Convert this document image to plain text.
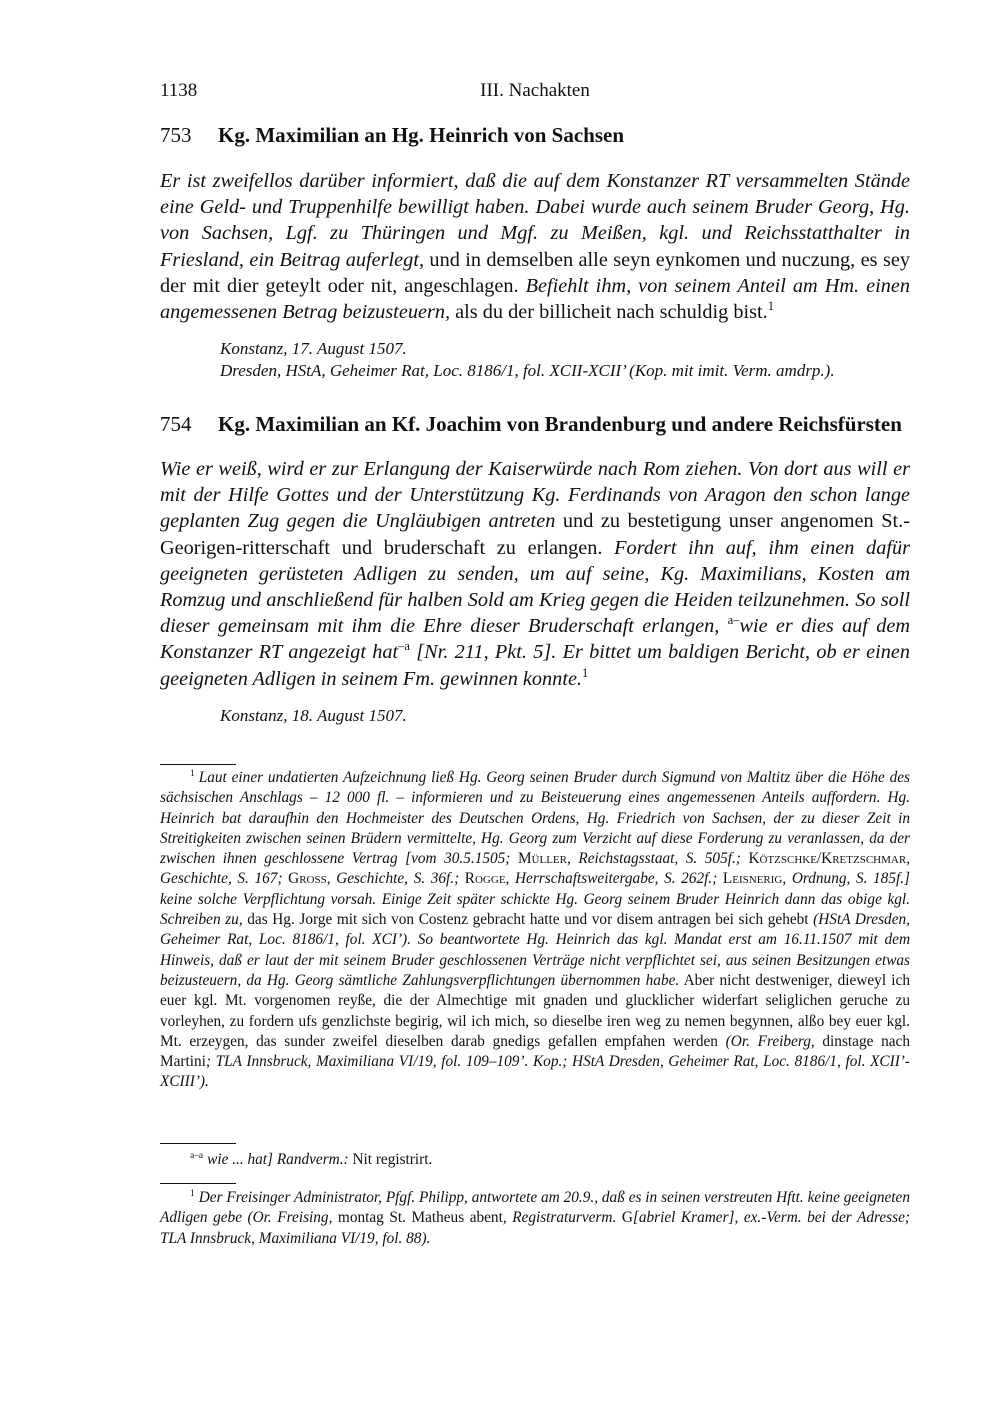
1138	III. Nachakten
753 Kg. Maximilian an Hg. Heinrich von Sachsen

Er ist zweifellos darüber informiert, daß die auf dem Konstanzer RT versammelten Stände eine Geld- und Truppenhilfe bewilligt haben. Dabei wurde auch seinem Bruder Georg, Hg. von Sachsen, Lgf. zu Thüringen und Mgf. zu Meißen, kgl. und Reichsstatthalter in Friesland, ein Beitrag auferlegt, und in demselben alle seyn eynkomen und nuczung, es sey der mit dier geteylt oder nit, angeschlagen. Befiehlt ihm, von seinem Anteil am Hm. einen angemessenen Betrag beizusteuern, als du der billicheit nach schuldig bist.$^1$

Konstanz, 17. August 1507.

Dresden, HStA, Geheimer Rat, Loc. 8186/1, fol. XCII-XCII’ (Kop. mit imit. Verm. amdrp.).

754 Kg. Maximilian an Kf. Joachim von Brandenburg und andere Reichsfürsten

Wie er weiß, wird er zur Erlangung der Kaiserwürde nach Rom ziehen. Von dort aus will er mit der Hilfe Gottes und der Unterstützung Kg. Ferdinands von Aragon den schon lange geplanten Zug gegen die Ungläubigen antreten und zu bestetigung unser angenomen St.-Georigen-ritterschaft und bruderschaft zu erlangen. Fordert ihn auf, ihm einen dafür geeigneten gerüsteten Adligen zu senden, um auf seine, Kg. Maximilians, Kosten am Romzug und anschließend für halben Sold am Krieg gegen die Heiden teilzunehmen. So soll dieser gemeinsam mit ihm die Ehre dieser Bruderschaft erlangen, $^{a-}$wie er dies auf dem Konstanzer RT angezeigt hat$^{-a}$ [Nr. 211, Pkt. 5]. Er bittet um baldigen Bericht, ob er einen geeigneten Adligen in seinem Fm. gewinnen konnte.$^1$

Konstanz, 18. August 1507.

$^1$ Laut einer undatierten Aufzeichnung ließ Hg. Georg seinen Bruder durch Sigmund von Maltitz über die Höhe des sächsischen Anschlags – 12 000 fl. – informieren und zu Beisteuerung eines angemessenen Anteils auffordern. Hg. Heinrich bat daraufhin den Hochmeister des Deutschen Ordens, Hg. Friedrich von Sachsen, der zu dieser Zeit in Streitigkeiten zwischen seinen Brüdern vermittelte, Hg. Georg zum Verzicht auf diese Forderung zu veranlassen, da der zwischen ihnen geschlossene Vertrag [vom 30.5.1505; Müller, Reichstagsstaat, S. 505f.; Kötzschke/Kretzschmar, Geschichte, S. 167; Gross, Geschichte, S. 36f.; Rogge, Herrschaftsweitergabe, S. 262f.; Leisnerig, Ordnung, S. 185f.] keine solche Verpflichtung vorsah. Einige Zeit später schickte Hg. Georg seinem Bruder Heinrich dann das obige kgl. Schreiben zu, das Hg. Jorge mit sich von Costenz gebracht hatte und vor disem antragen bei sich gehebt (HStA Dresden, Geheimer Rat, Loc. 8186/1, fol. XCI’). So beantwortete Hg. Heinrich das kgl. Mandat erst am 16.11.1507 mit dem Hinweis, daß er laut der mit seinem Bruder geschlossenen Verträge nicht verpflichtet sei, aus seinen Besitzungen etwas beizusteuern, da Hg. Georg sämtliche Zahlungsverpflichtungen übernommen habe. Aber nicht destweniger, dieweyl ich euer kgl. Mt. vorgenomen reyße, die der Almechtige mit gnaden und glucklicher widerfart seliglichen geruche zu vorleyhen, zu fordern ufs genzlichste begirig, wil ich mich, so dieselbe iren weg zu nemen begynnen, alßo bey euer kgl. Mt. erzeygen, das sunder zweifel dieselben darab gnedigs gefallen empfahen werden (Or. Freiberg, dinstage nach Martini; TLA Innsbruck, Maximiliana VI/19, fol. 109–109’. Kop.; HStA Dresden, Geheimer Rat, Loc. 8186/1, fol. XCII’-XCIII’).

$^{a-a}$ wie ... hat] Randverm.: Nit registrirt.

$^1$ Der Freisinger Administrator, Pfgf. Philipp, antwortete am 20.9., daß es in seinen verstreuten Hftt. keine geeigneten Adligen gebe (Or. Freising, montag St. Matheus abent, Registraturverm. G[abriel Kramer], ex.-Verm. bei der Adresse; TLA Innsbruck, Maximiliana VI/19, fol. 88).
